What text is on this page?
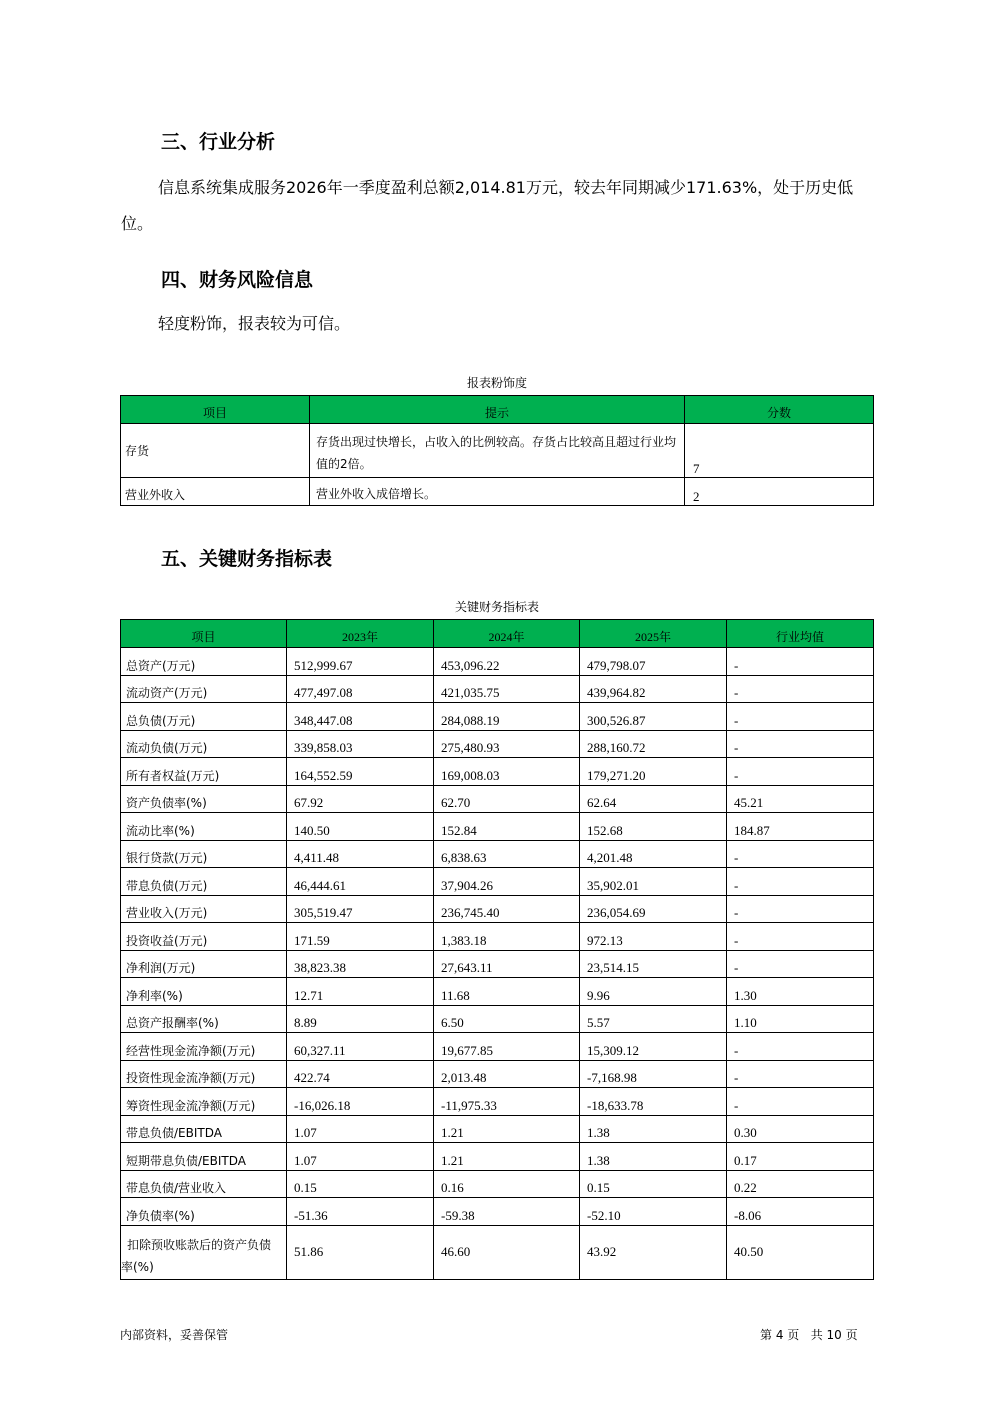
三、行业分析

信息系统集成服务2026年一季度盈利总额2,014.81万元，较去年同期减少171.63%，处于历史低位。

四、财务风险信息

轻度粉饰，报表较为可信。

报表粉饰度
项目	提示	分数
存货	存货出现过快增长，占收入的比例较高。存货占比较高且超过行业均值的2倍。	7
营业外收入	营业外收入成倍增长。	2
五、关键财务指标表
关键财务指标表
项目	2023年	2024年	2025年	行业均值
总资产(万元)	512,999.67	453,096.22	479,798.07	-
流动资产(万元)	477,497.08	421,035.75	439,964.82	-
总负债(万元)	348,447.08	284,088.19	300,526.87	-
流动负债(万元)	339,858.03	275,480.93	288,160.72	-
所有者权益(万元)	164,552.59	169,008.03	179,271.20	-
资产负债率(%)	67.92	62.70	62.64	45.21
流动比率(%)	140.50	152.84	152.68	184.87
银行贷款(万元)	4,411.48	6,838.63	4,201.48	-
带息负债(万元)	46,444.61	37,904.26	35,902.01	-
营业收入(万元)	305,519.47	236,745.40	236,054.69	-
投资收益(万元)	171.59	1,383.18	972.13	-
净利润(万元)	38,823.38	27,643.11	23,514.15	-
净利率(%)	12.71	11.68	9.96	1.30
总资产报酬率(%)	8.89	6.50	5.57	1.10
经营性现金流净额(万元)	60,327.11	19,677.85	15,309.12	-
投资性现金流净额(万元)	422.74	2,013.48	-7,168.98	-
筹资性现金流净额(万元)	-16,026.18	-11,975.33	-18,633.78	-
带息负债/EBITDA	1.07	1.21	1.38	0.30
短期带息负债/EBITDA	1.07	1.21	1.38	0.17
带息负债/营业收入	0.15	0.16	0.15	0.22
净负债率(%)	-51.36	-59.38	-52.10	-8.06
扣除预收账款后的资产负债率(%)	51.86	46.60	43.92	40.50
内部资料，妥善保管	第 4 页   共 10 页
